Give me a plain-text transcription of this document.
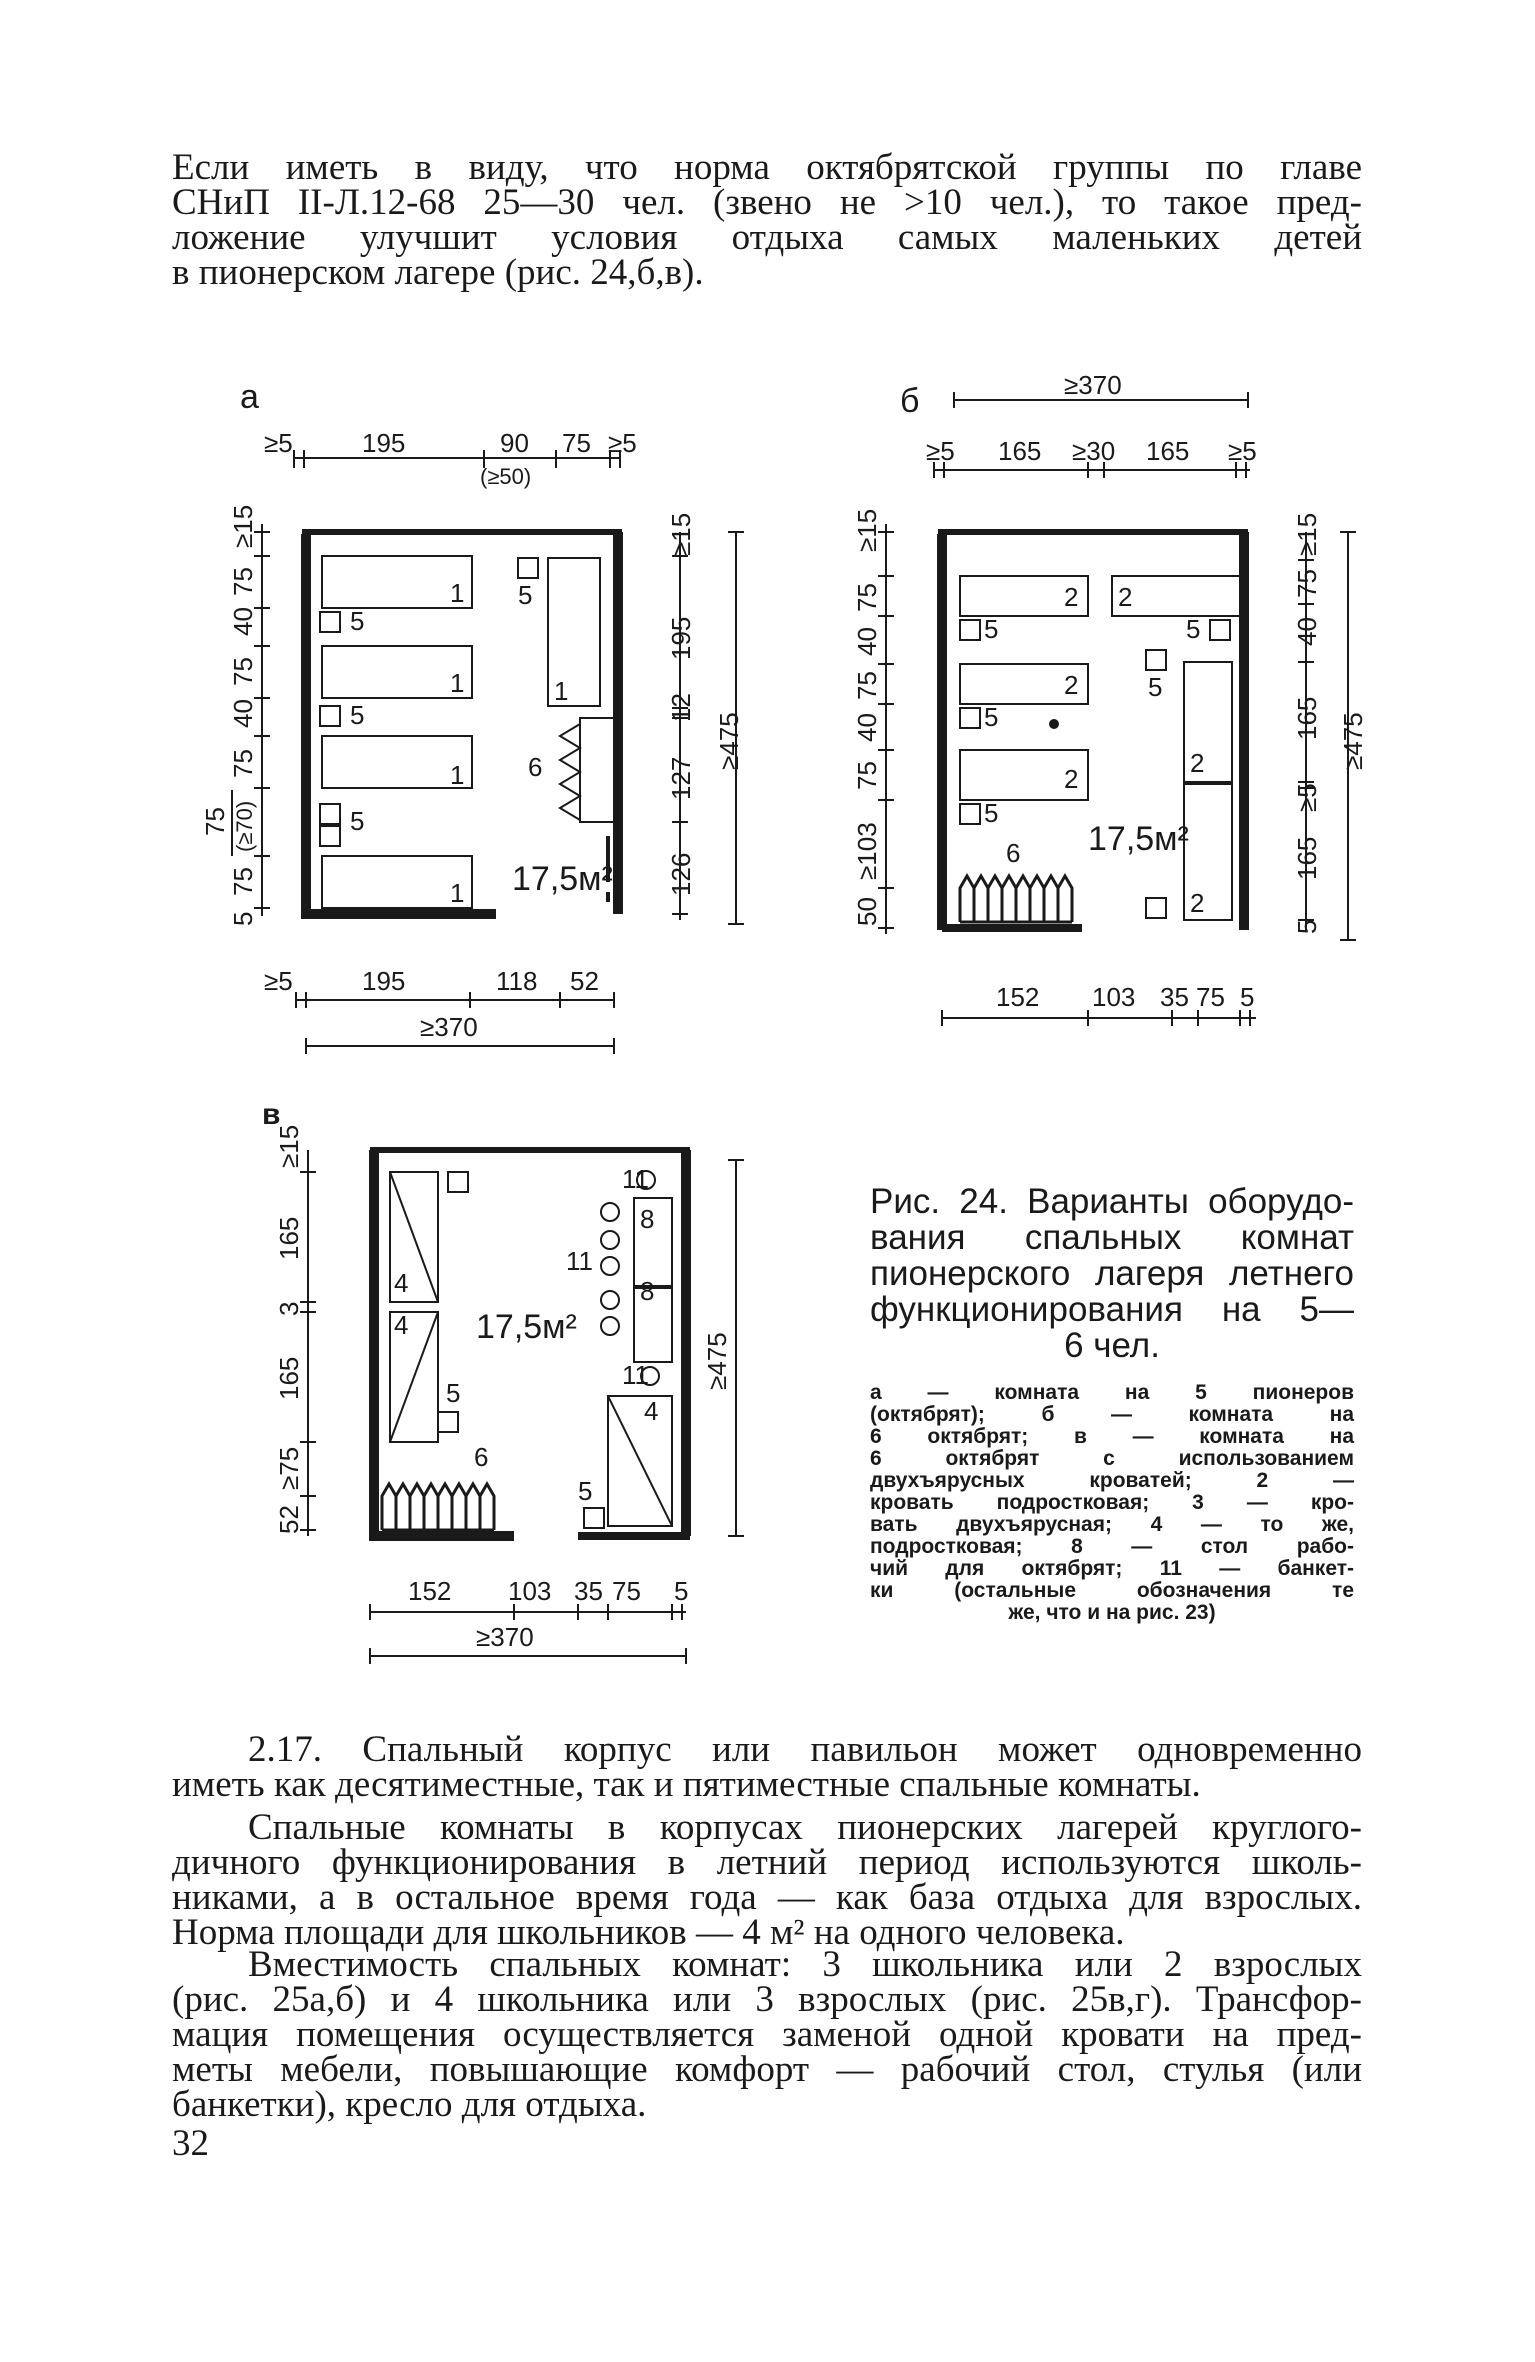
Если иметь в виду, что норма октябрятской группы по главе
СНиП II-Л.12-68 25—30 чел. (звено не >10 чел.), то такое пред-
ложение улучшит условия отдыха самых маленьких детей
в пионерском лагере (рис. 24,б,в).

а
≥5	195	90
(≥50)
75 ≥5
≥5	195	118 52
≥370
≥15
75
40
75
40
75
(≥70)
75
75
5
≥15
195
12
127
126
≥475
1
1
1
1
1
5
5
5
5
6
17,5м²
б	≥370
≥5 165 ≥30 165 ≥5
152 103 35 75 5
≥15
75
40
75
40
75
≥103
50
≥15
75
40
165
≥5
165
5
≥475
2
2
2
2
2
2
5
5
5
5
5
6 17,5м²
в
≥15
165
3
165
≥75
52
152 103 35 75 5
≥370
≥475
4
4
4
5
5
6
11
11
11
8
8
17,5м²

Рис. 24. Варианты оборудо-
вания спальных комнат
пионерского лагеря летнего
функционирования на 5—
6 чел.

а — комната на 5 пионеров
(октябрят); б — комната на
6 октябрят; в — комната на
6 октябрят с использованием
двухъярусных кроватей; 2 —
кровать подростковая; 3 — кро-
вать двухъярусная; 4 — то же,
подростковая; 8 — стол рабо-
чий для октябрят; 11 — банкет-
ки (остальные обозначения те
же, что и на рис. 23)

2.17. Спальный корпус или павильон может одновременно
иметь как десятиместные, так и пятиместные спальные комнаты.

Спальные комнаты в корпусах пионерских лагерей круглого-
дичного функционирования в летний период используются школь-
никами, а в остальное время года — как база отдыха для взрослых.
Норма площади для школьников — 4 м² на одного человека.

Вместимость спальных комнат: 3 школьника или 2 взрослых
(рис. 25а,б) и 4 школьника или 3 взрослых (рис. 25в,г). Трансфор-
мация помещения осуществляется заменой одной кровати на пред-
меты мебели, повышающие комфорт — рабочий стол, стулья (или
банкетки), кресло для отдыха.

32
